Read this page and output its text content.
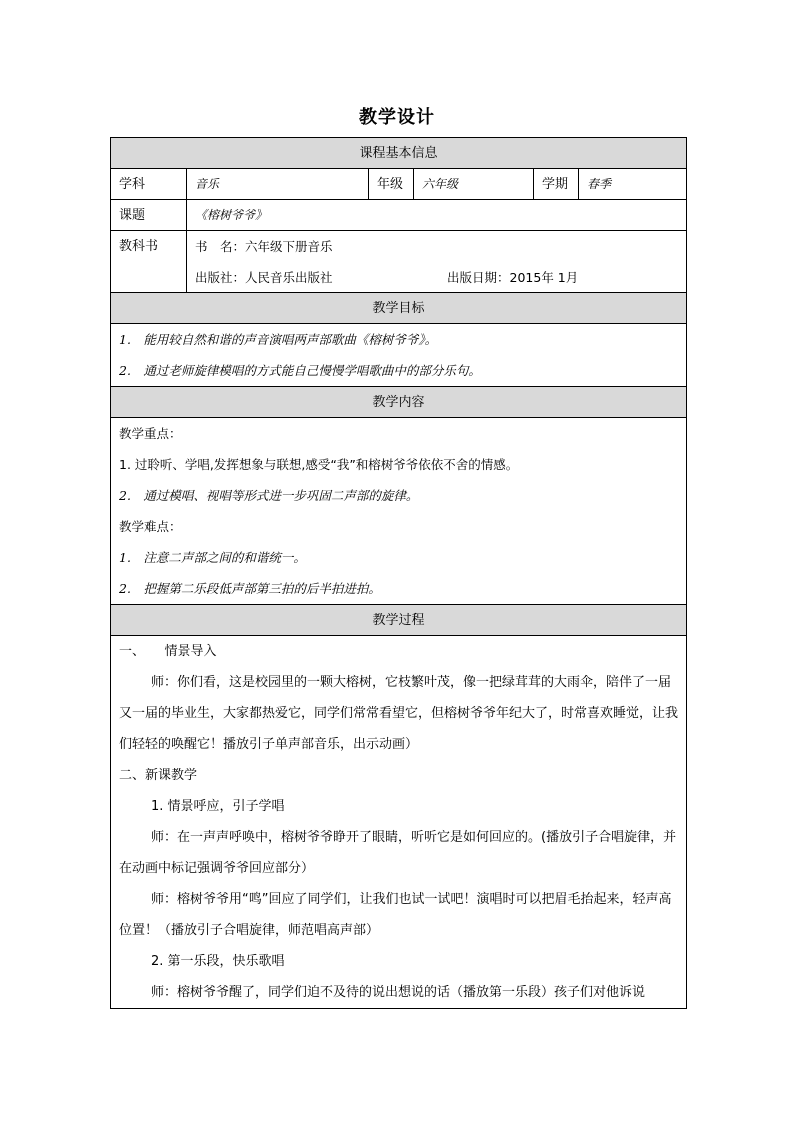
教学设计
课程基本信息
学科	音乐	年级	六年级	学期	春季
课题	《榕树爷爷》
教科书	书　名：六年级下册音乐
出版社：人民音乐出版社	出版日期：2015年 1月
教学目标
1.　能用较自然和谐的声音演唱两声部歌曲《榕树爷爷》。
2.　通过老师旋律模唱的方式能自己慢慢学唱歌曲中的部分乐句。
教学内容
教学重点：
1. 过聆听、学唱,发挥想象与联想,感受“我”和榕树爷爷依依不舍的情感。
2.　通过模唱、视唱等形式进一步巩固二声部的旋律。
教学难点：
1.　注意二声部之间的和谐统一。
2.　把握第二乐段低声部第三拍的后半拍进拍。
教学过程
一、　　情景导入
师：你们看，这是校园里的一颗大榕树，它枝繁叶茂，像一把绿茸茸的大雨伞，陪伴了一届又一届的毕业生，大家都热爱它，同学们常常看望它，但榕树爷爷年纪大了，时常喜欢睡觉，让我们轻轻的唤醒它！播放引子单声部音乐，出示动画）
二、新课教学
1. 情景呼应，引子学唱
师：在一声声呼唤中，榕树爷爷睁开了眼睛，听听它是如何回应的。(播放引子合唱旋律，并在动画中标记强调爷爷回应部分）
师：榕树爷爷用“鸣”回应了同学们，让我们也试一试吧！演唱时可以把眉毛抬起来，轻声高位置！（播放引子合唱旋律，师范唱高声部）
2. 第一乐段，快乐歌唱
师：榕树爷爷醒了，同学们迫不及待的说出想说的话（播放第一乐段）孩子们对他诉说
